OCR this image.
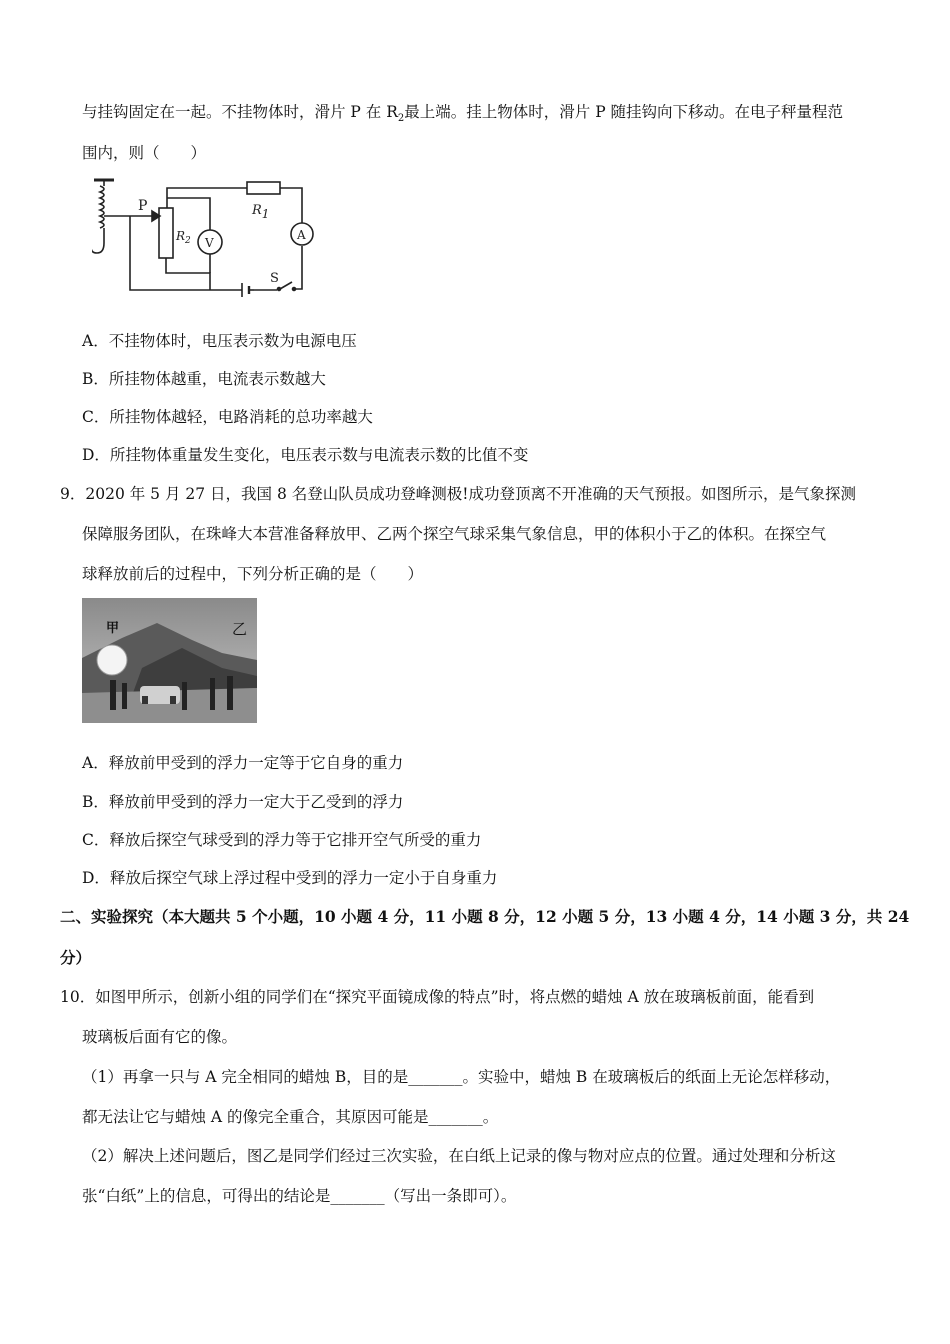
与挂钩固定在一起。不挂物体时，滑片 P 在 $R_2$最上端。挂上物体时，滑片 P 随挂钩向下移动。在电子秤量程范
围内，则（　　）
P
$R_2$
R1
V
A
S
A．不挂物体时，电压表示数为电源电压
B．所挂物体越重，电流表示数越大
C．所挂物体越轻，电路消耗的总功率越大
D．所挂物体重量发生变化，电压表示数与电流表示数的比值不变
9．2020 年 5 月 27 日，我国 8 名登山队员成功登峰测极!成功登顶离不开准确的天气预报。如图所示，是气象探测
保障服务团队，在珠峰大本营准备释放甲、乙两个探空气球采集气象信息，甲的体积小于乙的体积。在探空气
球释放前后的过程中，下列分析正确的是（　　）
甲	乙
A．释放前甲受到的浮力一定等于它自身的重力
B．释放前甲受到的浮力一定大于乙受到的浮力
C．释放后探空气球受到的浮力等于它排开空气所受的重力
D．释放后探空气球上浮过程中受到的浮力一定小于自身重力
二、实验探究（本大题共 5 个小题，10 小题 4 分，11 小题 8 分，12 小题 5 分，13 小题 4 分，14 小题 3 分，共 24
分）
10．如图甲所示，创新小组的同学们在“探究平面镜成像的特点”时，将点燃的蜡烛 A 放在玻璃板前面，能看到
玻璃板后面有它的像。
（1）再拿一只与 A 完全相同的蜡烛 B，目的是_______。实验中，蜡烛 B 在玻璃板后的纸面上无论怎样移动，
都无法让它与蜡烛 A 的像完全重合，其原因可能是_______。
（2）解决上述问题后，图乙是同学们经过三次实验，在白纸上记录的像与物对应点的位置。通过处理和分析这
张“白纸”上的信息，可得出的结论是_______（写出一条即可）。
